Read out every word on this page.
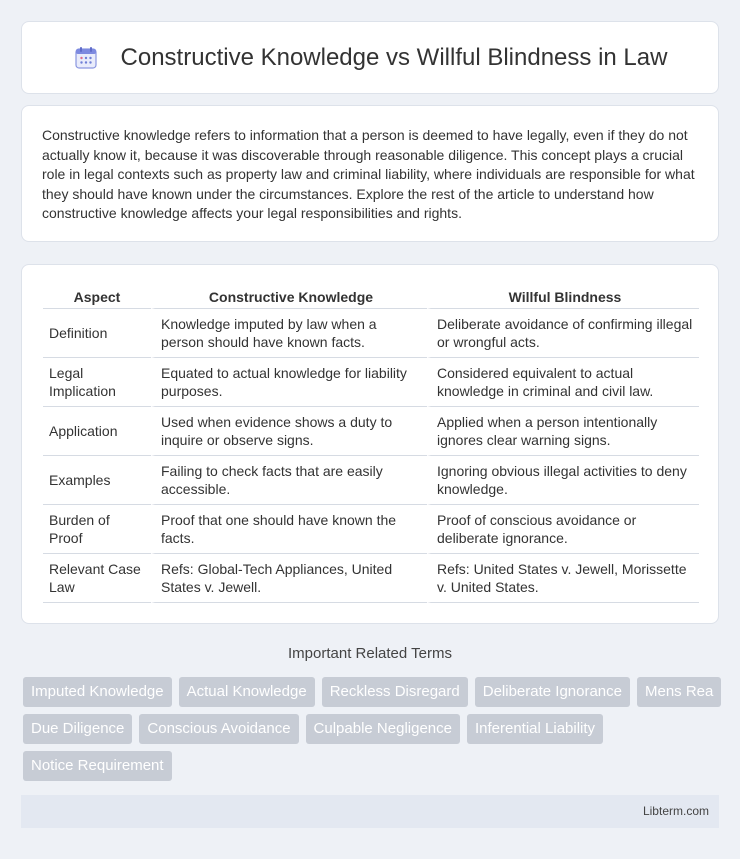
Constructive Knowledge vs Willful Blindness in Law

Constructive knowledge refers to information that a person is deemed to have legally, even if they do not actually know it, because it was discoverable through reasonable diligence. This concept plays a crucial role in legal contexts such as property law and criminal liability, where individuals are responsible for what they should have known under the circumstances. Explore the rest of the article to understand how constructive knowledge affects your legal responsibilities and rights.

Aspect	Constructive Knowledge	Willful Blindness
Definition	Knowledge imputed by law when a person should have known facts.	Deliberate avoidance of confirming illegal or wrongful acts.
Legal Implication	Equated to actual knowledge for liability purposes.	Considered equivalent to actual knowledge in criminal and civil law.
Application	Used when evidence shows a duty to inquire or observe signs.	Applied when a person intentionally ignores clear warning signs.
Examples	Failing to check facts that are easily accessible.	Ignoring obvious illegal activities to deny knowledge.
Burden of Proof	Proof that one should have known the facts.	Proof of conscious avoidance or deliberate ignorance.
Relevant Case Law	Refs: Global-Tech Appliances, United States v. Jewell.	Refs: United States v. Jewell, Morissette v. United States.
Important Related Terms
Imputed Knowledge	Actual Knowledge	Reckless Disregard	Deliberate Ignorance	Mens Rea
Due Diligence	Conscious Avoidance	Culpable Negligence	Inferential Liability
Notice Requirement
Libterm.com
